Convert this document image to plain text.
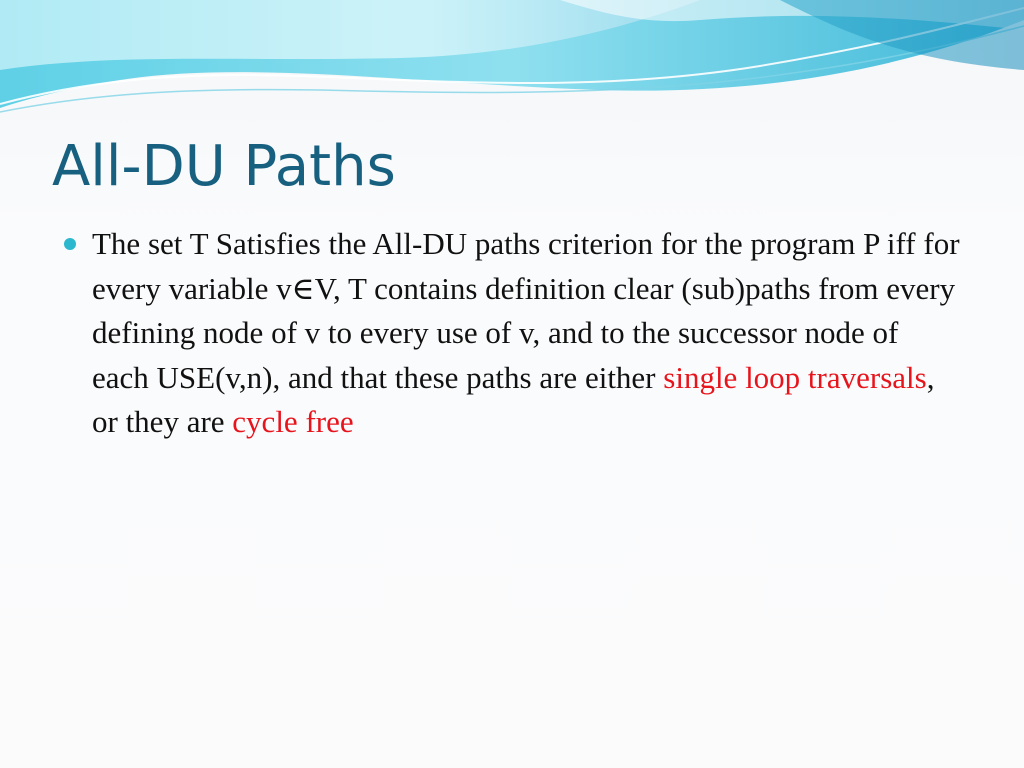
All-DU Paths
The set T Satisfies the All-DU paths criterion for the program P iff for every variable v∈V, T contains definition clear (sub)paths from every defining node of v to every use of v, and to the successor node of each USE(v,n), and that these paths are either single loop traversals, or they are cycle free
